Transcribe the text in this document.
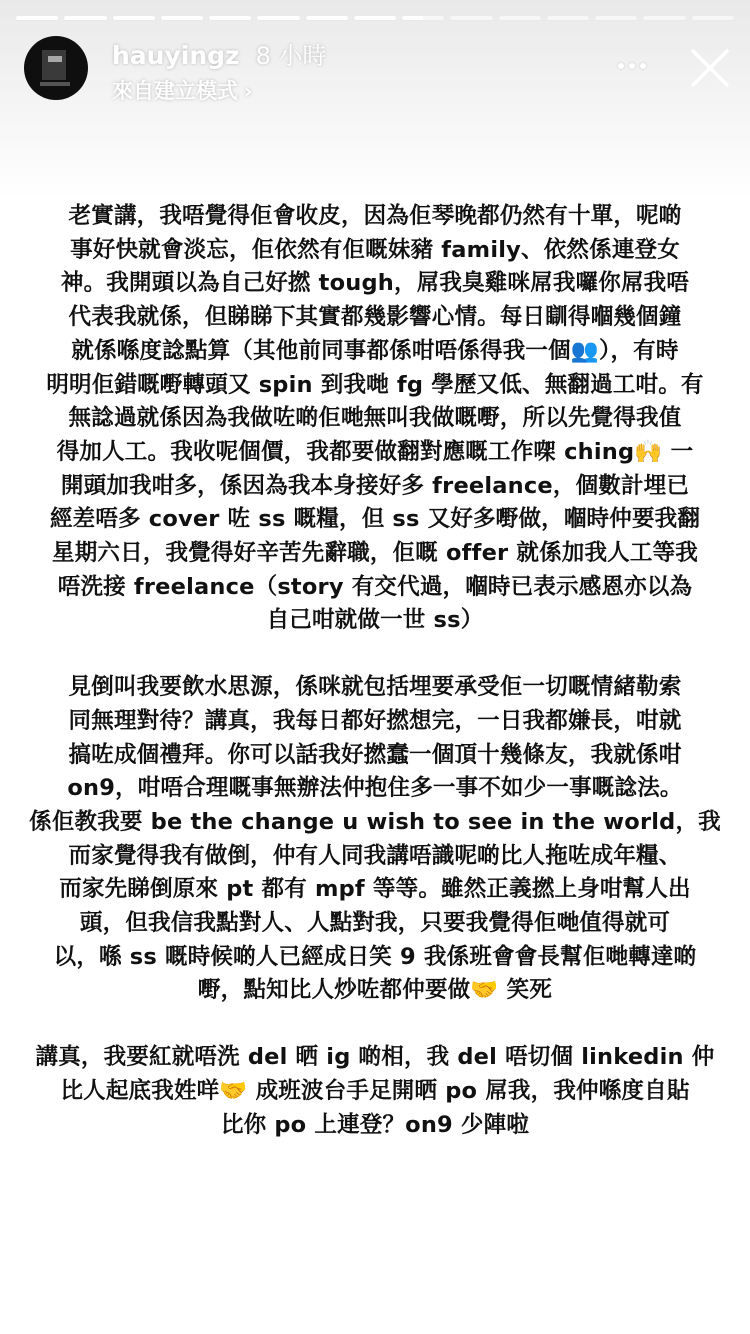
hauyingz 8 小時
來自建立模式 ›

老實講，我唔覺得佢會收皮，因為佢琴晚都仍然有十單，呢啲
事好快就會淡忘，佢依然有佢嘅妹豬 family、依然係連登女
神。我開頭以為自己好撚 tough，屌我臭雞咪屌我囉你屌我唔
代表我就係，但睇睇下其實都幾影響心情。每日瞓得嗰幾個鐘
就係喺度諗點算（其他前同事都係咁唔係得我一個👥），有時
明明佢錯嘅嘢轉頭又 spin 到我哋 fg 學歷又低、無翻過工咁。有
無諗過就係因為我做咗啲佢哋無叫我做嘅嘢，所以先覺得我值
得加人工。我收呢個價，我都要做翻對應嘅工作㗎 ching🙌 一
開頭加我咁多，係因為我本身接好多 freelance，個數計埋已
經差唔多 cover 咗 ss 嘅糧，但 ss 又好多嘢做，嗰時仲要我翻
星期六日，我覺得好辛苦先辭職，佢嘅 offer 就係加我人工等我
唔洗接 freelance（story 有交代過，嗰時已表示感恩亦以為
自己咁就做一世 ss）

見倒叫我要飲水思源，係咪就包括埋要承受佢一切嘅情緒勒索
同無理對待？講真，我每日都好撚想完，一日我都嫌長，咁就
搞咗成個禮拜。你可以話我好撚蠢一個頂十幾條友，我就係咁
on9，咁唔合理嘅事無辦法仲抱住多一事不如少一事嘅諗法。
係佢教我要 be the change u wish to see in the world，我
而家覺得我有做倒，仲有人同我講唔識呢啲比人拖咗成年糧、
而家先睇倒原來 pt 都有 mpf 等等。雖然正義撚上身咁幫人出
頭，但我信我點對人、人點對我，只要我覺得佢哋值得就可
以，喺 ss 嘅時候啲人已經成日笑 9 我係班會會長幫佢哋轉達啲
嘢，點知比人炒咗都仲要做🤝 笑死

講真，我要紅就唔洗 del 晒 ig 啲相，我 del 唔切個 linkedin 仲
比人起底我姓咩🤝 成班波台手足開晒 po 屌我，我仲喺度自貼
比你 po 上連登？on9 少陣啦
